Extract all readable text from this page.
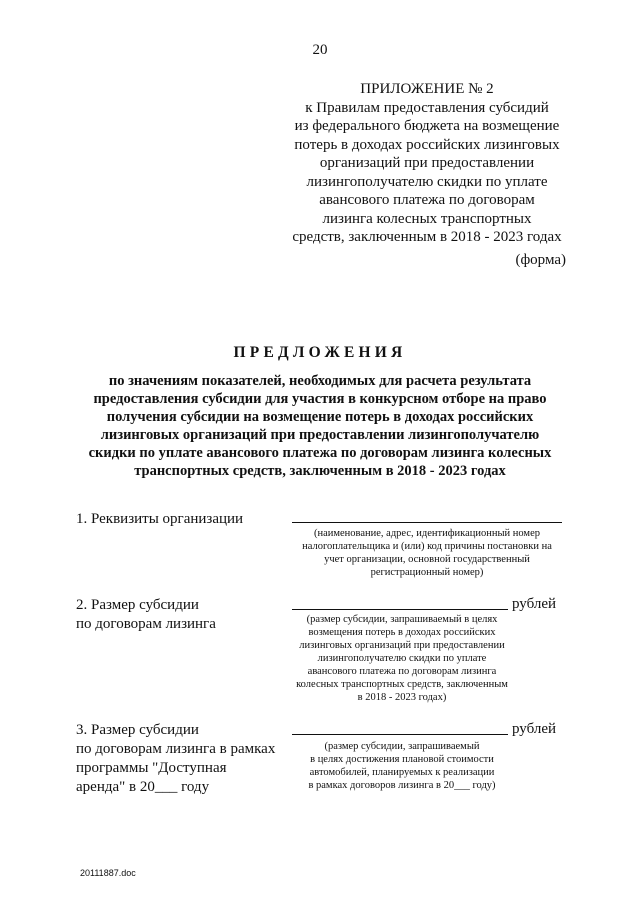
20
ПРИЛОЖЕНИЕ № 2
к Правилам предоставления субсидий
из федерального бюджета на возмещение
потерь в доходах российских лизинговых
организаций при предоставлении
лизингополучателю скидки по уплате
авансового платежа по договорам
лизинга колесных транспортных
средств, заключенным в 2018 - 2023 годах
(форма)
ПРЕДЛОЖЕНИЯ
по значениям показателей, необходимых для расчета результата
предоставления субсидии для участия в конкурсном отборе на право
получения субсидии на возмещение потерь в доходах российских
лизинговых организаций при предоставлении лизингополучателю
скидки по уплате авансового платежа по договорам лизинга колесных
транспортных средств, заключенным в 2018 - 2023 годах
1. Реквизиты организации
(наименование, адрес, идентификационный номер
налогоплательщика и (или) код причины постановки на
учет организации, основной государственный
регистрационный номер)
2. Размер субсидии
по договорам лизинга
рублей
(размер субсидии, запрашиваемый в целях
возмещения потерь в доходах российских
лизинговых организаций при предоставлении
лизингополучателю скидки по уплате
авансового платежа по договорам лизинга
колесных транспортных средств, заключенным
в 2018 - 2023 годах)
3. Размер субсидии
по договорам лизинга в рамках
программы "Доступная
аренда" в 20___ году
рублей
(размер субсидии, запрашиваемый
в целях достижения плановой стоимости
автомобилей, планируемых к реализации
в рамках договоров лизинга в 20___ году)
20111887.doc
